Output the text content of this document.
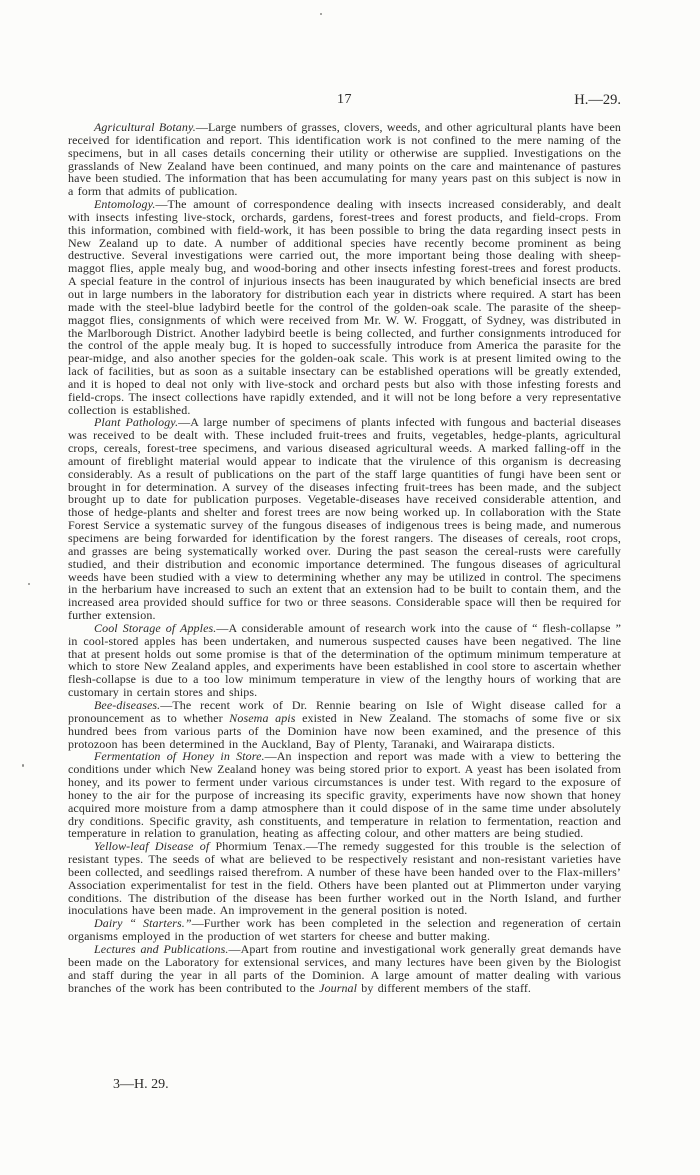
17	H.—29.

Agricultural Botany.—Large numbers of grasses, clovers, weeds, and other agricultural plants have been received for identification and report. This identification work is not confined to the mere naming of the specimens, but in all cases details concerning their utility or otherwise are supplied. Investigations on the grasslands of New Zealand have been continued, and many points on the care and maintenance of pastures have been studied. The information that has been accumulating for many years past on this subject is now in a form that admits of publication.

Entomology.—The amount of correspondence dealing with insects increased considerably, and dealt with insects infesting live-stock, orchards, gardens, forest-trees and forest products, and field-crops. From this information, combined with field-work, it has been possible to bring the data regarding insect pests in New Zealand up to date. A number of additional species have recently become prominent as being destructive. Several investigations were carried out, the more important being those dealing with sheep-maggot flies, apple mealy bug, and wood-boring and other insects infesting forest-trees and forest products. A special feature in the control of injurious insects has been inaugurated by which beneficial insects are bred out in large numbers in the laboratory for distribution each year in districts where required. A start has been made with the steel-blue ladybird beetle for the control of the golden-oak scale. The parasite of the sheep-maggot flies, consignments of which were received from Mr. W. W. Froggatt, of Sydney, was distributed in the Marlborough District. Another ladybird beetle is being collected, and further consignments introduced for the control of the apple mealy bug. It is hoped to successfully introduce from America the parasite for the pear-midge, and also another species for the golden-oak scale. This work is at present limited owing to the lack of facilities, but as soon as a suitable insectary can be established operations will be greatly extended, and it is hoped to deal not only with live-stock and orchard pests but also with those infesting forests and field-crops. The insect collections have rapidly extended, and it will not be long before a very representative collection is established.

Plant Pathology.—A large number of specimens of plants infected with fungous and bacterial diseases was received to be dealt with. These included fruit-trees and fruits, vegetables, hedge-plants, agricultural crops, cereals, forest-tree specimens, and various diseased agricultural weeds. A marked falling-off in the amount of fireblight material would appear to indicate that the virulence of this organism is decreasing considerably. As a result of publications on the part of the staff large quantities of fungi have been sent or brought in for determination. A survey of the diseases infecting fruit-trees has been made, and the subject brought up to date for publication purposes. Vegetable-diseases have received considerable attention, and those of hedge-plants and shelter and forest trees are now being worked up. In collaboration with the State Forest Service a systematic survey of the fungous diseases of indigenous trees is being made, and numerous specimens are being forwarded for identification by the forest rangers. The diseases of cereals, root crops, and grasses are being systematically worked over. During the past season the cereal-rusts were carefully studied, and their distribution and economic importance determined. The fungous diseases of agricultural weeds have been studied with a view to determining whether any may be utilized in control. The specimens in the herbarium have increased to such an extent that an extension had to be built to contain them, and the increased area provided should suffice for two or three seasons. Considerable space will then be required for further extension.

Cool Storage of Apples.—A considerable amount of research work into the cause of “ flesh-collapse ” in cool-stored apples has been undertaken, and numerous suspected causes have been negatived. The line that at present holds out some promise is that of the determination of the optimum minimum temperature at which to store New Zealand apples, and experiments have been established in cool store to ascertain whether flesh-collapse is due to a too low minimum temperature in view of the lengthy hours of working that are customary in certain stores and ships.

Bee-diseases.—The recent work of Dr. Rennie bearing on Isle of Wight disease called for a pronouncement as to whether Nosema apis existed in New Zealand. The stomachs of some five or six hundred bees from various parts of the Dominion have now been examined, and the presence of this protozoon has been determined in the Auckland, Bay of Plenty, Taranaki, and Wairarapa disticts.

Fermentation of Honey in Store.—An inspection and report was made with a view to bettering the conditions under which New Zealand honey was being stored prior to export. A yeast has been isolated from honey, and its power to ferment under various circumstances is under test. With regard to the exposure of honey to the air for the purpose of increasing its specific gravity, experiments have now shown that honey acquired more moisture from a damp atmosphere than it could dispose of in the same time under absolutely dry conditions. Specific gravity, ash constituents, and temperature in relation to fermentation, reaction and temperature in relation to granulation, heating as affecting colour, and other matters are being studied.

Yellow-leaf Disease of Phormium Tenax.—The remedy suggested for this trouble is the selection of resistant types. The seeds of what are believed to be respectively resistant and non-resistant varieties have been collected, and seedlings raised therefrom. A number of these have been handed over to the Flax-millers’ Association experimentalist for test in the field. Others have been planted out at Plimmerton under varying conditions. The distribution of the disease has been further worked out in the North Island, and further inoculations have been made. An improvement in the general position is noted.

Dairy “ Starters.”—Further work has been completed in the selection and regeneration of certain organisms employed in the production of wet starters for cheese and butter making.

Lectures and Publications.—Apart from routine and investigational work generally great demands have been made on the Laboratory for extensional services, and many lectures have been given by the Biologist and staff during the year in all parts of the Dominion. A large amount of matter dealing with various branches of the work has been contributed to the Journal by different members of the staff.

3—H. 29.
